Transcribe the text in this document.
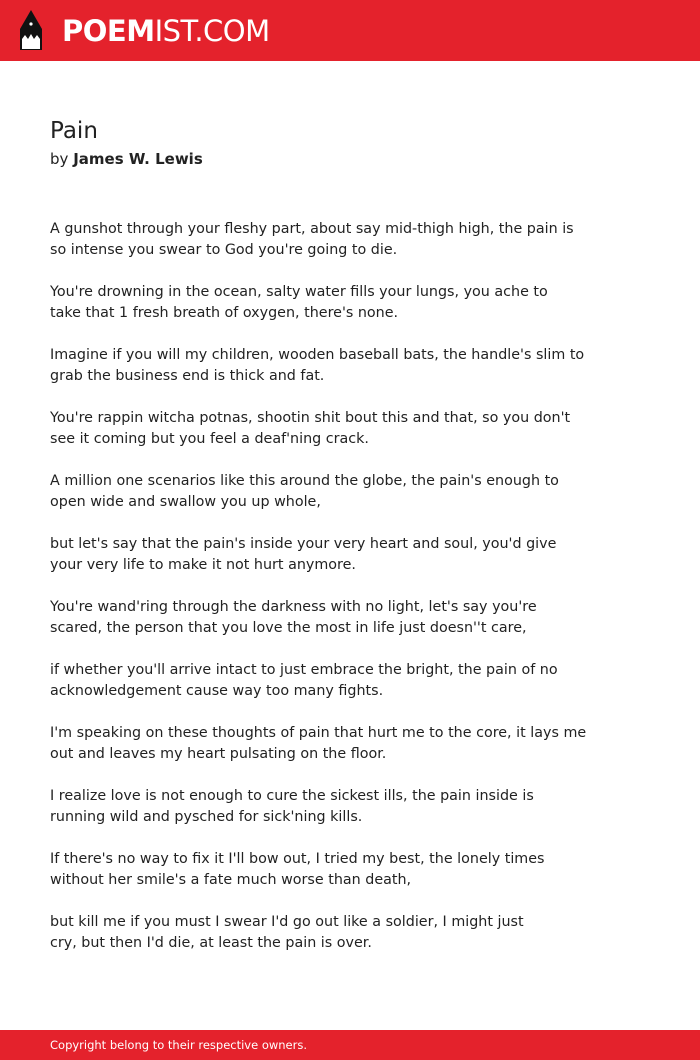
POEMIST.COM
Pain
by James W. Lewis

A gunshot through your fleshy part, about say mid-thigh high, the pain is
so intense you swear to God you're going to die.

You're drowning in the ocean, salty water fills your lungs, you ache to
take that 1 fresh breath of oxygen, there's none.

Imagine if you will my children, wooden baseball bats, the handle's slim to
grab the business end is thick and fat.

You're rappin witcha potnas, shootin shit bout this and that, so you don't
see it coming but you feel a deaf'ning crack.

A million one scenarios like this around the globe, the pain's enough to
open wide and swallow you up whole,

but let's say that the pain's inside your very heart and soul, you'd give
your very life to make it not hurt anymore.

You're wand'ring through the darkness with no light, let's say you're
scared, the person that you love the most in life just doesn''t care,

if whether you'll arrive intact to just embrace the bright, the pain of no
acknowledgement cause way too many fights.

I'm speaking on these thoughts of pain that hurt me to the core, it lays me
out and leaves my heart pulsating on the floor.

I realize love is not enough to cure the sickest ills, the pain inside is
running wild and pysched for sick'ning kills.

If there's no way to fix it I'll bow out, I tried my best, the lonely times
without her smile's a fate much worse than death,

but kill me if you must I swear I'd go out like a soldier, I might just
cry, but then I'd die, at least the pain is over.

Copyright belong to their respective owners.
